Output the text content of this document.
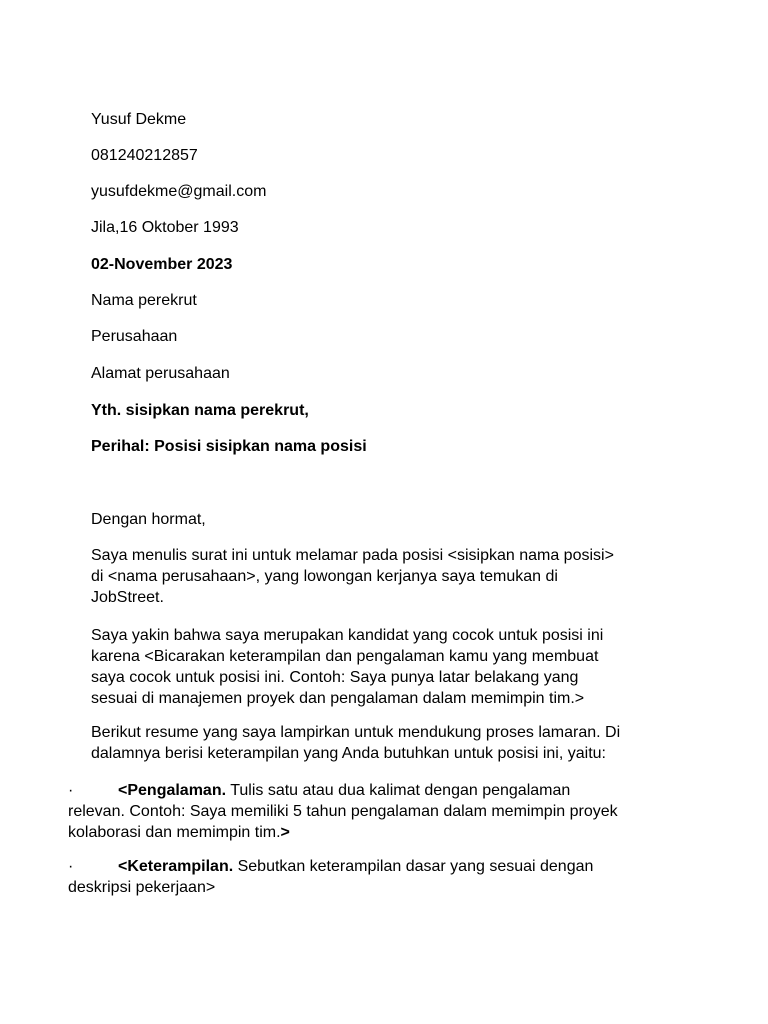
Yusuf Dekme
081240212857
yusufdekme@gmail.com
Jila,16 Oktober 1993
02-November 2023
Nama perekrut
Perusahaan
Alamat perusahaan
Yth. sisipkan nama perekrut,
Perihal: Posisi sisipkan nama posisi
Dengan hormat,
Saya menulis surat ini untuk melamar pada posisi <sisipkan nama posisi>
di <nama perusahaan>, yang lowongan kerjanya saya temukan di
JobStreet.
Saya yakin bahwa saya merupakan kandidat yang cocok untuk posisi ini
karena <Bicarakan keterampilan dan pengalaman kamu yang membuat
saya cocok untuk posisi ini. Contoh: Saya punya latar belakang yang
sesuai di manajemen proyek dan pengalaman dalam memimpin tim.>
Berikut resume yang saya lampirkan untuk mendukung proses lamaran. Di
dalamnya berisi keterampilan yang Anda butuhkan untuk posisi ini, yaitu:
·	<Pengalaman. Tulis satu atau dua kalimat dengan pengalaman
relevan. Contoh: Saya memiliki 5 tahun pengalaman dalam memimpin proyek
kolaborasi dan memimpin tim.>
·	<Keterampilan. Sebutkan keterampilan dasar yang sesuai dengan
deskripsi pekerjaan>
